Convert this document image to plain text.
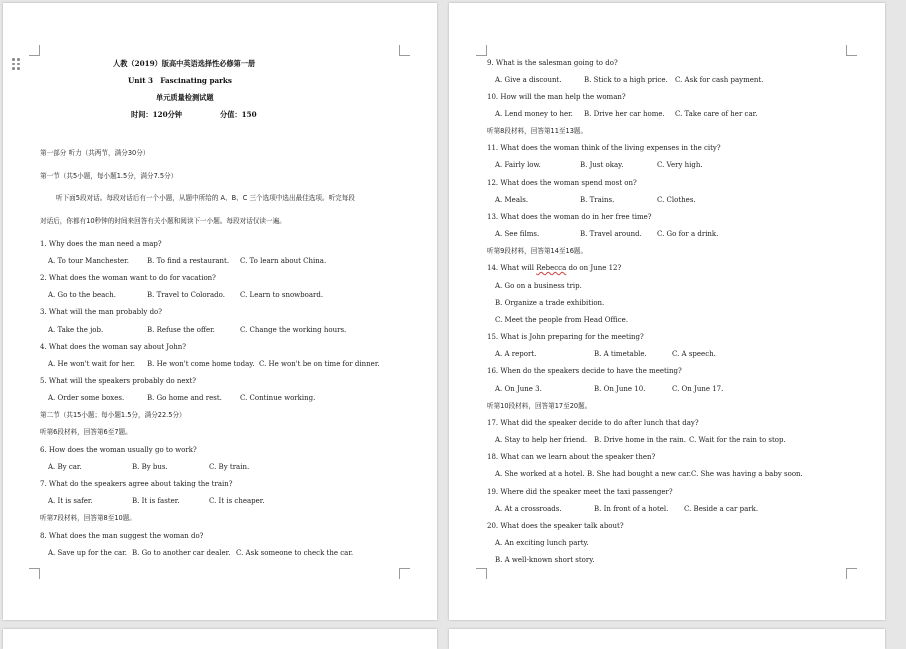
人教（2019）版高中英语选择性必修第一册
Unit 3　Fascinating parks
单元质量检测试题
时间：120分钟	分值：150
第一部分 听力（共两节，满分30分）
第一节（共5小题，每小题1.5分，满分7.5分）
听下面5段对话。每段对话后有一个小题，从题中所给的 A、B、C 三个选项中选出最佳选项。听完每段
对话后，你都有10秒钟的时间来回答有关小题和阅读下一小题。每段对话仅读一遍。
1. Why does the man need a map?
A. To tour Manchester.	B. To find a restaurant. C. To learn about China.
2. What does the woman want to do for vacation?
A. Go to the beach.	B. Travel to Colorado. C. Learn to snowboard.
3. What will the man probably do?
A. Take the job.	B. Refuse the offer.	C. Change the working hours.
4. What does the woman say about John?
A. He won't wait for her. B. He won't come home today. C. He won't be on time for dinner.
5. What will the speakers probably do next?
A. Order some boxes.	B. Go home and rest.	C. Continue working.
第二节（共15小题；每小题1.5分，满分22.5分）
听第6段材料，回答第6至7题。
6. How does the woman usually go to work?
A. By car.	B. By bus.	C. By train.
7. What do the speakers agree about taking the train?
A. It is safer.	B. It is faster.	C. It is cheaper.
听第7段材料，回答第8至10题。
8. What does the man suggest the woman do?
A. Save up for the car. B. Go to another car dealer. C. Ask someone to check the car.
9. What is the salesman going to do?
A. Give a discount.	B. Stick to a high price. C. Ask for cash payment.
10. How will the man help the woman?
A. Lend money to her. B. Drive her car home. C. Take care of her car.
听第8段材料，回答第11至13题。
11. What does the woman think of the living expenses in the city?
A. Fairly low.	B. Just okay.	C. Very high.
12. What does the woman spend most on?
A. Meals.	B. Trains.	C. Clothes.
13. What does the woman do in her free time?
A. See films.	B. Travel around. C. Go for a drink.
听第9段材料，回答第14至16题。
14. What will Rebecca do on June 12?
A. Go on a business trip.
B. Organize a trade exhibition.
C. Meet the people from Head Office.
15. What is John preparing for the meeting?
A. A report.	B. A timetable.	C. A speech.
16. When do the speakers decide to have the meeting?
A. On June 3.	B. On June 10.	C. On June 17.
听第10段材料，回答第17至20题。
17. What did the speaker decide to do after lunch that day?
A. Stay to help her friend. B. Drive home in the rain. C. Wait for the rain to stop.
18. What can we learn about the speaker then?
A. She worked at a hotel. B. She had bought a new car. C. She was having a baby soon.
19. Where did the speaker meet the taxi passenger?
A. At a crossroads.	B. In front of a hotel. C. Beside a car park.
20. What does the speaker talk about?
A. An exciting lunch party.
B. A well-known short story.
